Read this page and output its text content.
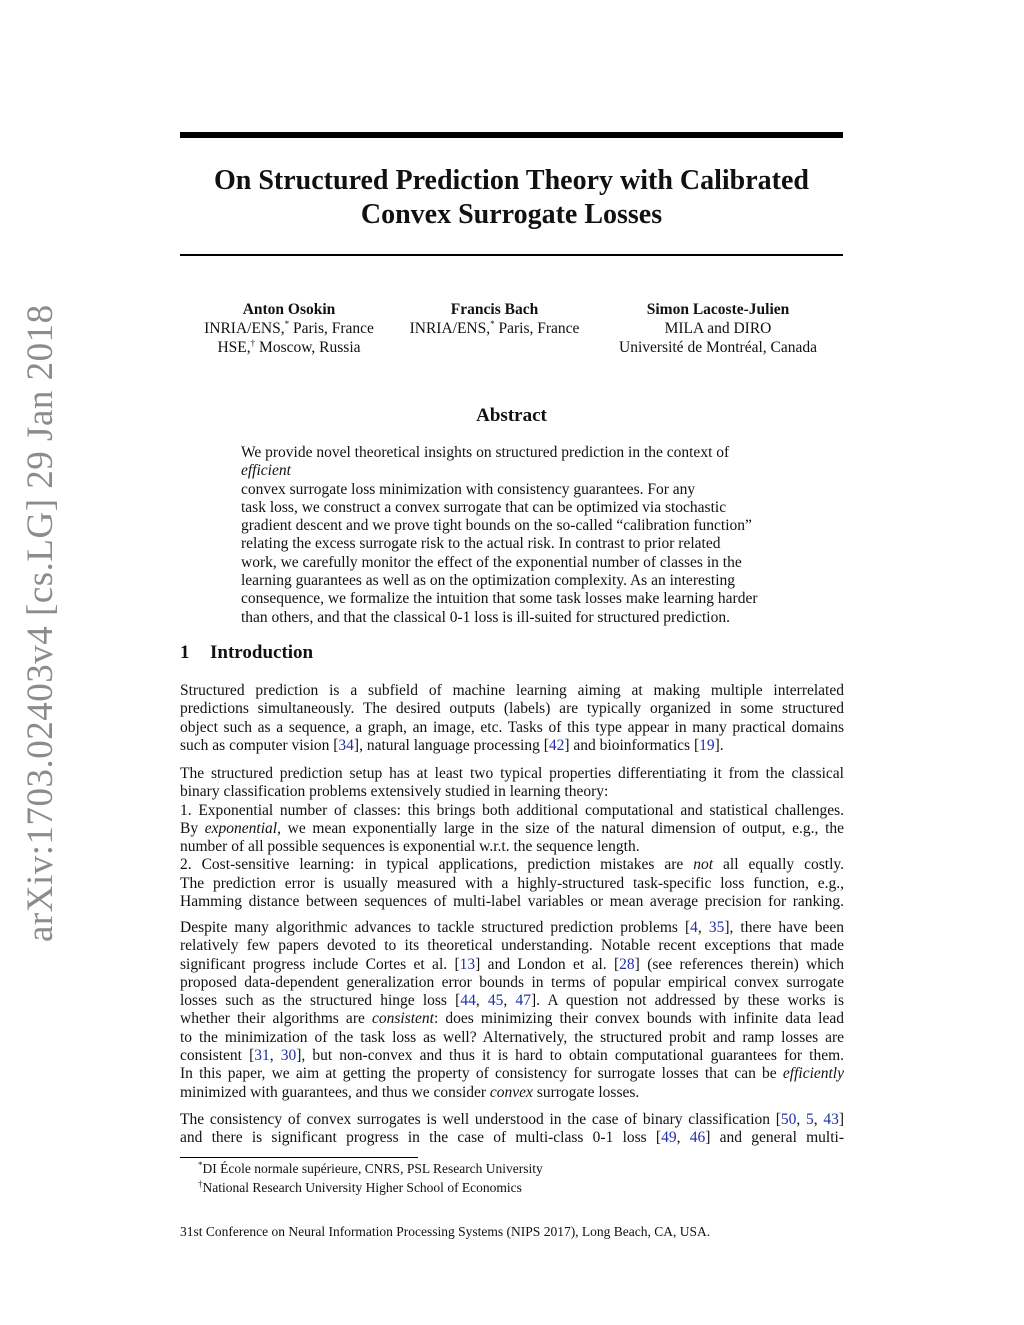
arXiv:1703.02403v4 [cs.LG] 29 Jan 2018
On Structured Prediction Theory with Calibrated
Convex Surrogate Losses
Anton Osokin
INRIA/ENS,* Paris, France
HSE,† Moscow, Russia
Francis Bach
INRIA/ENS,* Paris, France
Simon Lacoste-Julien
MILA and DIRO
Université de Montréal, Canada
Abstract
We provide novel theoretical insights on structured prediction in the context of
efficient
convex surrogate loss minimization with consistency guarantees. For any
task loss, we construct a convex surrogate that can be optimized via stochastic
gradient descent and we prove tight bounds on the so-called “calibration function”
relating the excess surrogate risk to the actual risk. In contrast to prior related
work, we carefully monitor the effect of the exponential number of classes in the
learning guarantees as well as on the optimization complexity. As an interesting
consequence, we formalize the intuition that some task losses make learning harder
than others, and that the classical 0-1 loss is ill-suited for structured prediction.
1 Introduction
Structured prediction is a subfield of machine learning aiming at making multiple interrelated
predictions simultaneously. The desired outputs (labels) are typically organized in some structured
object such as a sequence, a graph, an image, etc. Tasks of this type appear in many practical domains
such as computer vision [34], natural language processing [42] and bioinformatics [19].
The structured prediction setup has at least two typical properties differentiating it from the classical
binary classification problems extensively studied in learning theory:
1. Exponential number of classes: this brings both additional computational and statistical challenges.
By exponential, we mean exponentially large in the size of the natural dimension of output, e.g., the
number of all possible sequences is exponential w.r.t. the sequence length.
2. Cost-sensitive learning: in typical applications, prediction mistakes are not all equally costly.
The prediction error is usually measured with a highly-structured task-specific loss function, e.g.,
Hamming distance between sequences of multi-label variables or mean average precision for ranking.
Despite many algorithmic advances to tackle structured prediction problems [4, 35], there have been
relatively few papers devoted to its theoretical understanding. Notable recent exceptions that made
significant progress include Cortes et al. [13] and London et al. [28] (see references therein) which
proposed data-dependent generalization error bounds in terms of popular empirical convex surrogate
losses such as the structured hinge loss [44, 45, 47]. A question not addressed by these works is
whether their algorithms are consistent: does minimizing their convex bounds with infinite data lead
to the minimization of the task loss as well? Alternatively, the structured probit and ramp losses are
consistent [31, 30], but non-convex and thus it is hard to obtain computational guarantees for them.
In this paper, we aim at getting the property of consistency for surrogate losses that can be efficiently
minimized with guarantees, and thus we consider convex surrogate losses.
The consistency of convex surrogates is well understood in the case of binary classification [50, 5, 43]
and there is significant progress in the case of multi-class 0-1 loss [49, 46] and general multi-
*DI École normale supérieure, CNRS, PSL Research University
†National Research University Higher School of Economics
31st Conference on Neural Information Processing Systems (NIPS 2017), Long Beach, CA, USA.
